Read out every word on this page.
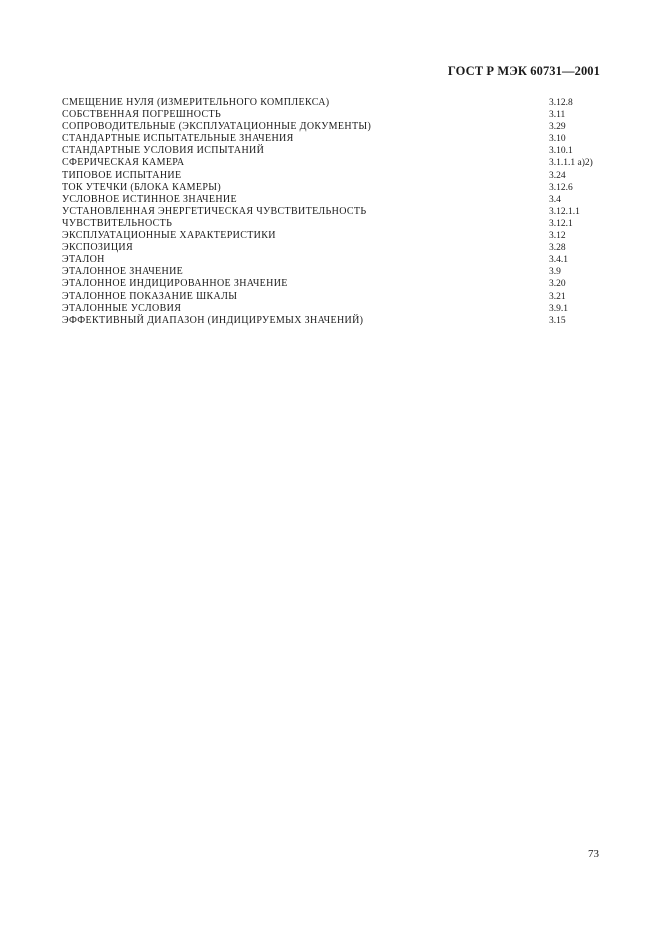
ГОСТ Р МЭК 60731—2001
СМЕЩЕНИЕ НУЛЯ (ИЗМЕРИТЕЛЬНОГО КОМПЛЕКСА)	3.12.8
СОБСТВЕННАЯ ПОГРЕШНОСТЬ	3.11
СОПРОВОДИТЕЛЬНЫЕ (ЭКСПЛУАТАЦИОННЫЕ ДОКУМЕНТЫ)	3.29
СТАНДАРТНЫЕ ИСПЫТАТЕЛЬНЫЕ ЗНАЧЕНИЯ	3.10
СТАНДАРТНЫЕ УСЛОВИЯ ИСПЫТАНИЙ	3.10.1
СФЕРИЧЕСКАЯ КАМЕРА	3.1.1.1 а)2)
ТИПОВОЕ ИСПЫТАНИЕ	3.24
ТОК УТЕЧКИ (БЛОКА КАМЕРЫ)	3.12.6
УСЛОВНОЕ ИСТИННОЕ ЗНАЧЕНИЕ	3.4
УСТАНОВЛЕННАЯ ЭНЕРГЕТИЧЕСКАЯ ЧУВСТВИТЕЛЬНОСТЬ	3.12.1.1
ЧУВСТВИТЕЛЬНОСТЬ	3.12.1
ЭКСПЛУАТАЦИОННЫЕ ХАРАКТЕРИСТИКИ	3.12
ЭКСПОЗИЦИЯ	3.28
ЭТАЛОН	3.4.1
ЭТАЛОННОЕ ЗНАЧЕНИЕ	3.9
ЭТАЛОННОЕ ИНДИЦИРОВАННОЕ ЗНАЧЕНИЕ	3.20
ЭТАЛОННОЕ ПОКАЗАНИЕ ШКАЛЫ	3.21
ЭТАЛОННЫЕ УСЛОВИЯ	3.9.1
ЭФФЕКТИВНЫЙ ДИАПАЗОН (ИНДИЦИРУЕМЫХ ЗНАЧЕНИЙ)	3.15
73
